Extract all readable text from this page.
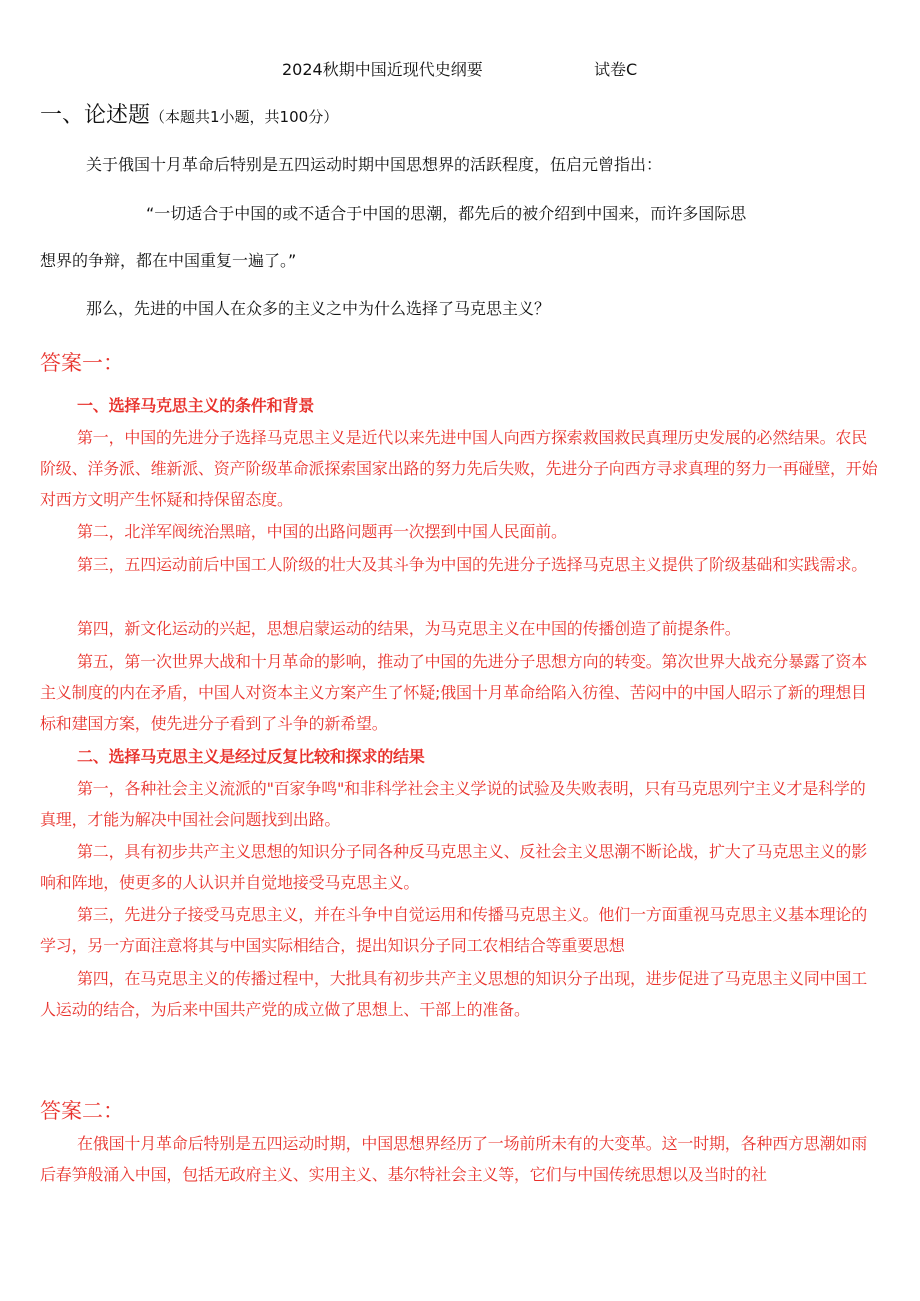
2024秋期中国近现代史纲要	试卷C
一、论述题（本题共1小题，共100分）
关于俄国十月革命后特别是五四运动时期中国思想界的活跃程度，伍启元曾指出：
“一切适合于中国的或不适合于中国的思潮，都先后的被介绍到中国来，而许多国际思
想界的争辩，都在中国重复一遍了。”
那么，先进的中国人在众多的主义之中为什么选择了马克思主义？
答案一：
一、选择马克思主义的条件和背景
第一，中国的先进分子选择马克思主义是近代以来先进中国人向西方探索救国救民真理历史发展的必然结果。农民阶级、洋务派、维新派、资产阶级革命派探索国家出路的努力先后失败，先进分子向西方寻求真理的努力一再碰壁，开始对西方文明产生怀疑和持保留态度。
第二，北洋军阀统治黑暗，中国的出路问题再一次摆到中国人民面前。
第三，五四运动前后中国工人阶级的壮大及其斗争为中国的先进分子选择马克思主义提供了阶级基础和实践需求。
第四，新文化运动的兴起，思想启蒙运动的结果，为马克思主义在中国的传播创造了前提条件。
第五，第一次世界大战和十月革命的影响，推动了中国的先进分子思想方向的转变。第次世界大战充分暴露了资本主义制度的内在矛盾，中国人对资本主义方案产生了怀疑;俄国十月革命给陷入彷徨、苦闷中的中国人昭示了新的理想目标和建国方案，使先进分子看到了斗争的新希望。
二、选择马克思主义是经过反复比较和探求的结果
第一，各种社会主义流派的"百家争鸣"和非科学社会主义学说的试验及失败表明，只有马克思列宁主义才是科学的真理，才能为解决中国社会问题找到出路。
第二，具有初步共产主义思想的知识分子同各种反马克思主义、反社会主义思潮不断论战，扩大了马克思主义的影响和阵地，使更多的人认识并自觉地接受马克思主义。
第三，先进分子接受马克思主义，并在斗争中自觉运用和传播马克思主义。他们一方面重视马克思主义基本理论的学习，另一方面注意将其与中国实际相结合，提出知识分子同工农相结合等重要思想
第四，在马克思主义的传播过程中，大批具有初步共产主义思想的知识分子出现，进步促进了马克思主义同中国工人运动的结合，为后来中国共产党的成立做了思想上、干部上的准备。
答案二：
在俄国十月革命后特别是五四运动时期，中国思想界经历了一场前所未有的大变革。这一时期，各种西方思潮如雨后春笋般涌入中国，包括无政府主义、实用主义、基尔特社会主义等，它们与中国传统思想以及当时的社
